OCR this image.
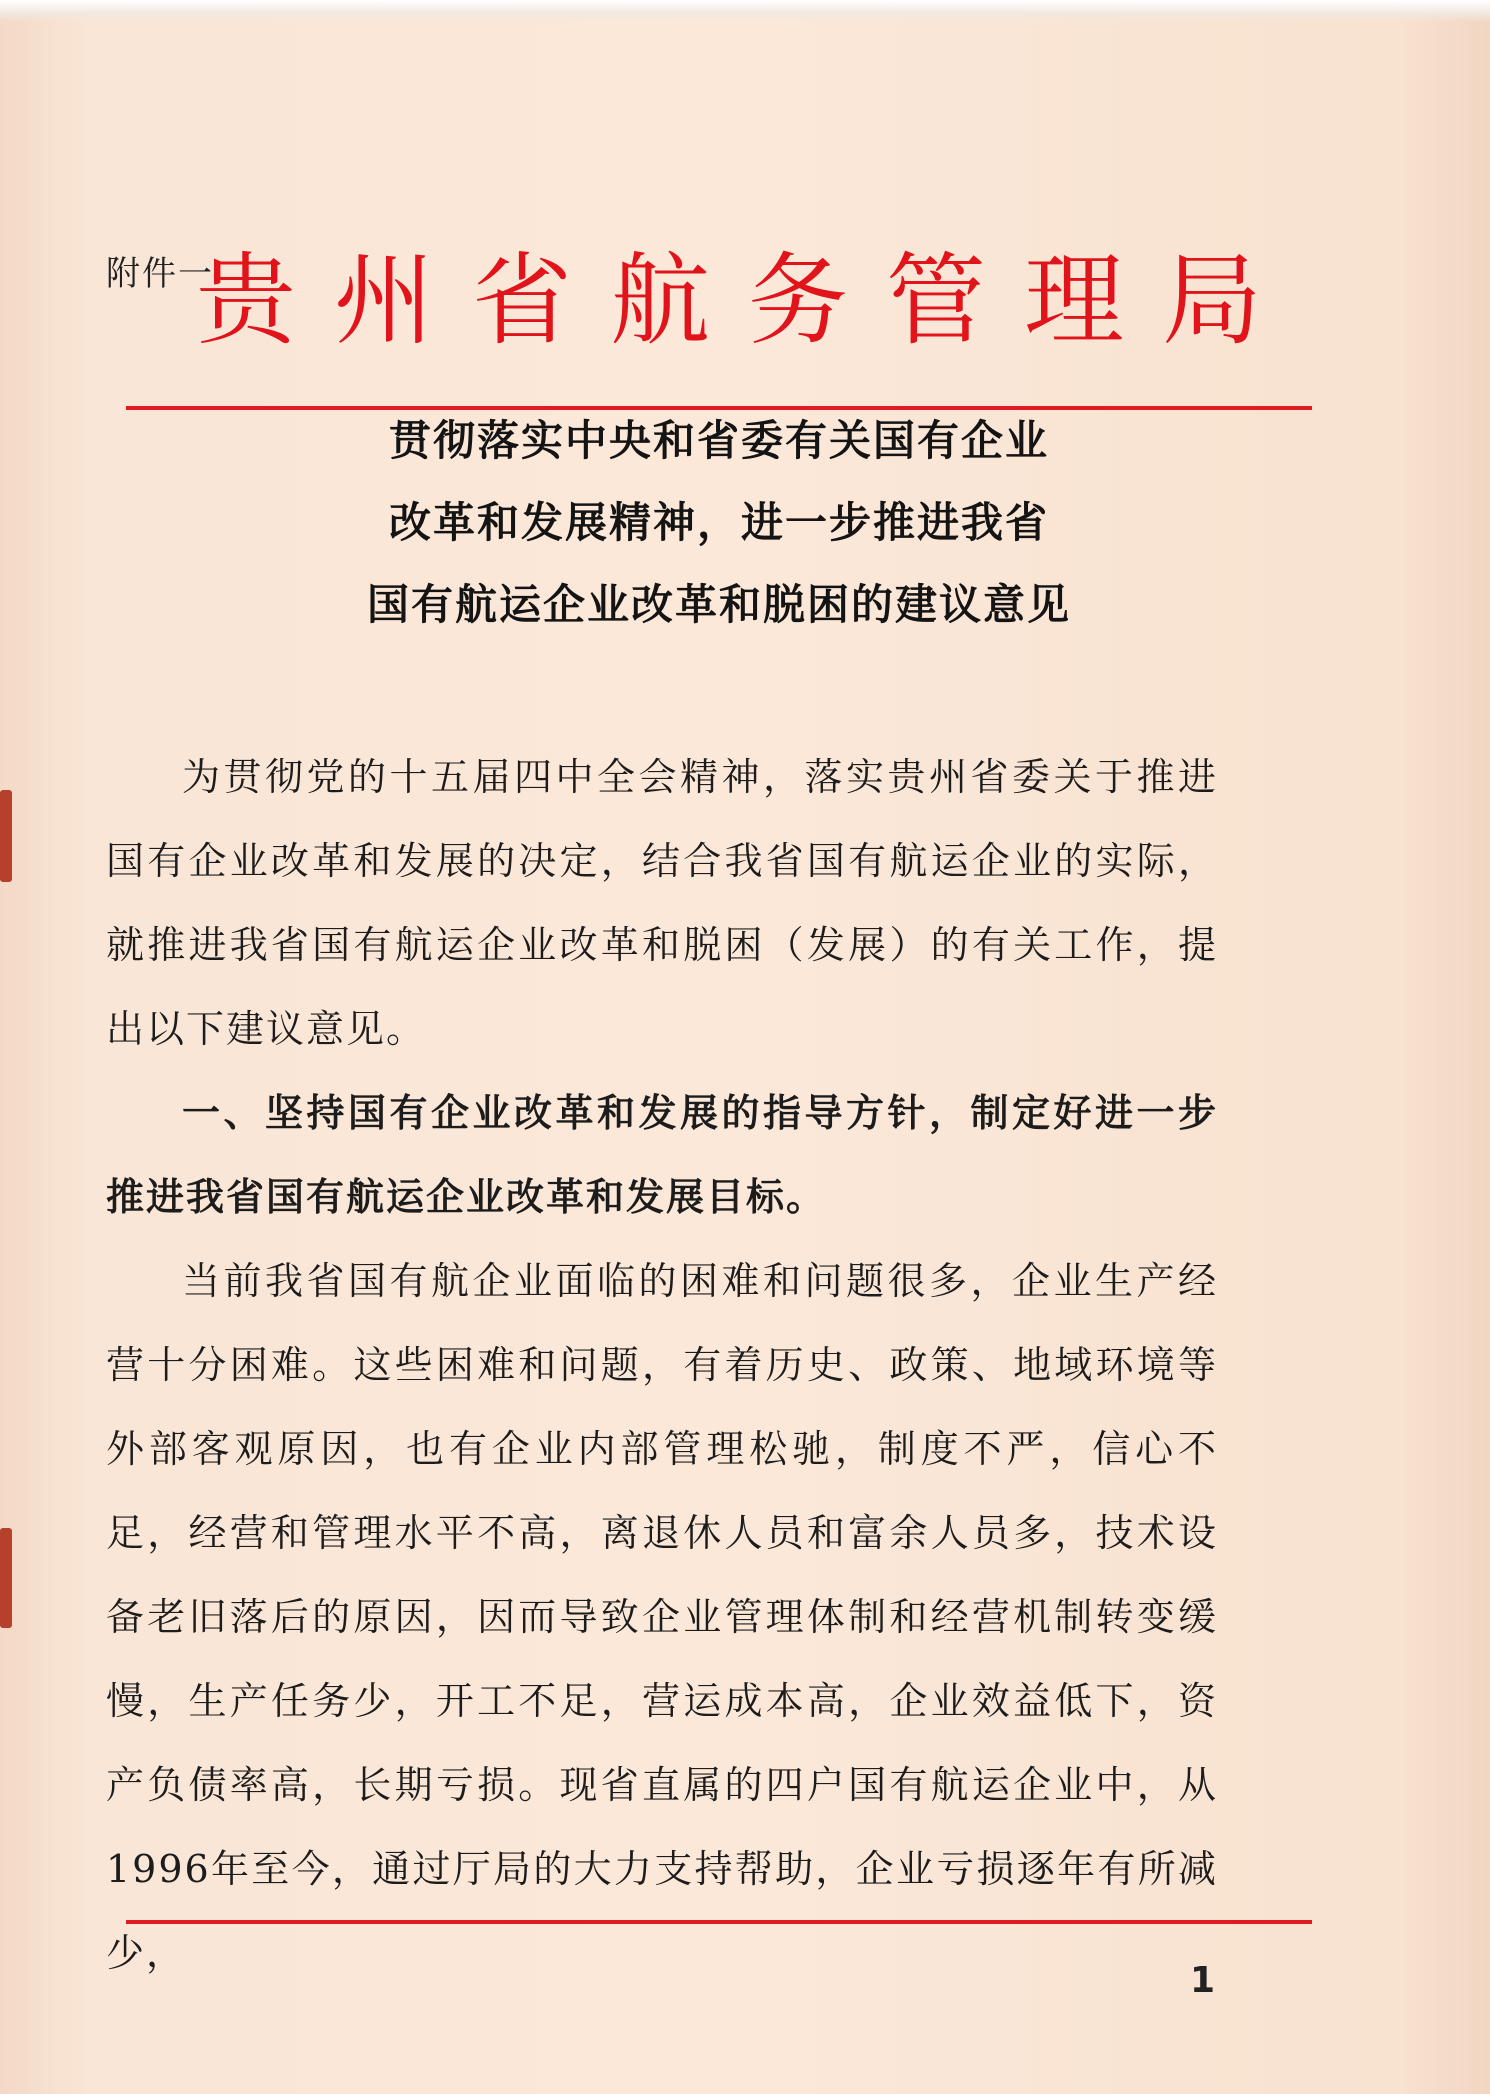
附件一
贵州省航务管理局
贯彻落实中央和省委有关国有企业
改革和发展精神，进一步推进我省
国有航运企业改革和脱困的建议意见

为贯彻党的十五届四中全会精神，落实贵州省委关于推进国有企业改革和发展的决定，结合我省国有航运企业的实际，就推进我省国有航运企业改革和脱困（发展）的有关工作，提出以下建议意见。

一、坚持国有企业改革和发展的指导方针，制定好进一步推进我省国有航运企业改革和发展目标。

当前我省国有航企业面临的困难和问题很多，企业生产经营十分困难。这些困难和问题，有着历史、政策、地域环境等外部客观原因，也有企业内部管理松驰，制度不严，信心不足，经营和管理水平不高，离退休人员和富余人员多，技术设备老旧落后的原因，因而导致企业管理体制和经营机制转变缓慢，生产任务少，开工不足，营运成本高，企业效益低下，资产负债率高，长期亏损。现省直属的四户国有航运企业中，从1996年至今，通过厅局的大力支持帮助，企业亏损逐年有所减少，

1
